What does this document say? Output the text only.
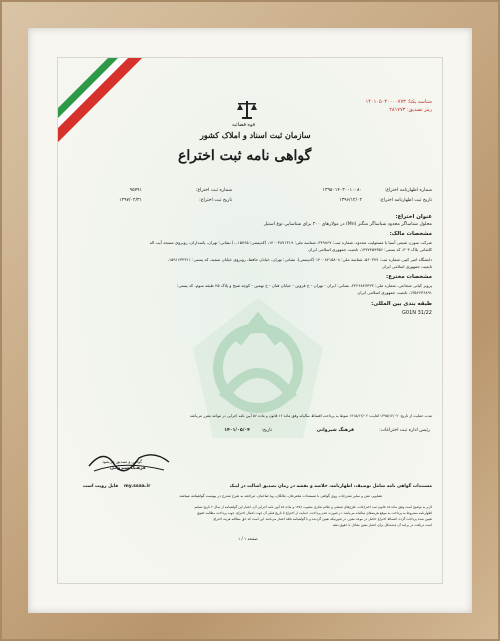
شناسه یکتا: ۱۴۰۱۰۵۰۳۰۰۰۰۷۷۳
رمز تصدیق: ۲۸۱۷۷۳
قوه قضائیه
سازمان ثبت اسناد و املاک کشور
گواهی نامه ثبت اختراع
شماره اظهارنامه اختراع:
۱۳۹۵۰۱۴۰۳۰۰۱۰۰۸۰
شماره ثبت اختراع:
۹۵۷۹۱
تاریخ ثبت اظهارنامه اختراع:
۱۳۹۶/۱۲/۰۲
تاریخ ثبت اختراع:
۱۳۹۷/۰۲/۳۱
عنوان اختراع:
محلول شناساگر محدود شناساگر منگنز (Mn) در مولارهای ۲۰۰ برای شناسایی نوع استیل
مشخصات مالک:
شرکت سوزن شیمی آسیا با مسئولیت محدود، شماره ثبت: ۳۴۹۸۶۷، شناسه ملی: ۱۴۰۰۳۸۷۱۳۱۹، (کدپستی: ۱۵۷۶۵...) نشانی: تهران، پاسداران، روبروی مسجد آیت اله
کاشانی پلاک ۳۰۳، کد پستی: ۱۳۷۷۴۵۹۳۵۶، تابعیت جمهوری اسلامی ایران
دانشگاه امیر کبیر، شماره ثبت: ۵۶۰۳۷۷، شناسه ملی: ۱۴۰۰۸۲۱۵۸۰۸ (کدپستی)، نشانی: تهران، خیابان حافظ، روبروی خیابان سمیه، کد پستی: ۱۵۹۱۶۳۴۳۱۱،
تابعیت جمهوری اسلامی ایران
مشخصات مخترع:
پرویز کیانی شجاعی، شماره ملی: ۲۲۲۶۸۴۷۳۲۳، نشانی: ایران - تهران - خ قزوین - خیابان قبان - خ نهمین - کوچه شیخ و پلاک ۲۵ طبقه سوم، کد پستی:
۱۳۵۶۶۳۶۸۹۱، تابعیت جمهوری اسلامی ایران
طبقه بندی بین المللی:
G01N 31/22
مدت حمایت از تاریخ: ۱۳۹۵/۱۲/۰۲ لغایت: ۱۴۱۵/۱۲/۰۲ منوط به پرداخت اقساط سالیانه وفق ماده ۱۶ قانون و ماده ۵۶ آیین نامه اجرایی در مواعد مقرر می‌باشد
رئیس اداره ثبت اختراعات:
فرهنگ شیروانی
تاریخ:
۱۴۰۱/۰۵/۰۴
گواهی و تصدیق می‌شود
فرهنگ شیروانی
مستندات گواهی نامه شامل توصیف، اظهارنامه، خلاصه و نقشه در زمان تصدیق اصالت در لینک
my.ssaa.ir
قابل رویت است
تصاویر، متن و سایر مندرجات روی گواهی با مستندات مخترعان، مالکان، ویا صاحبان، مراجعه به شرح مندرج در پیوست گواهینامه میباشد.
لازم به توضیح است وفق ماده ۱۵ قانون ثبت اختراعات، طرح‌های صنعتی و علائم تجاری مصوب ۱۳۸۶ و ماده ۵۶ آیین نامه اجرایی آن، اعتبار این گواهینامه از سال ۲ تاریخ تسلیم
اظهارنامه مشروط به پرداخت به موقع هزینه‌های سالیانه می‌باشد. در صورت عدم پرداخت، حمایت از اختراع تا تاریخ قبلی آن جهت اعمال اختراع، جهت پرداخت مطالبه حقوق
تعیین شده پرداخت گردد. اقساط اختراع حاصل در موعد مقرر، در صورتیکه تعیین گردیده و یا گواهینامه فاقد اعتبار می‌باشد این است که حق مطالبه هزینه اختراع
است دریافت در برایند آن چندشکل برای اعتبار معین معادل با حقوق دهید
صفحه ۱ / ۱
